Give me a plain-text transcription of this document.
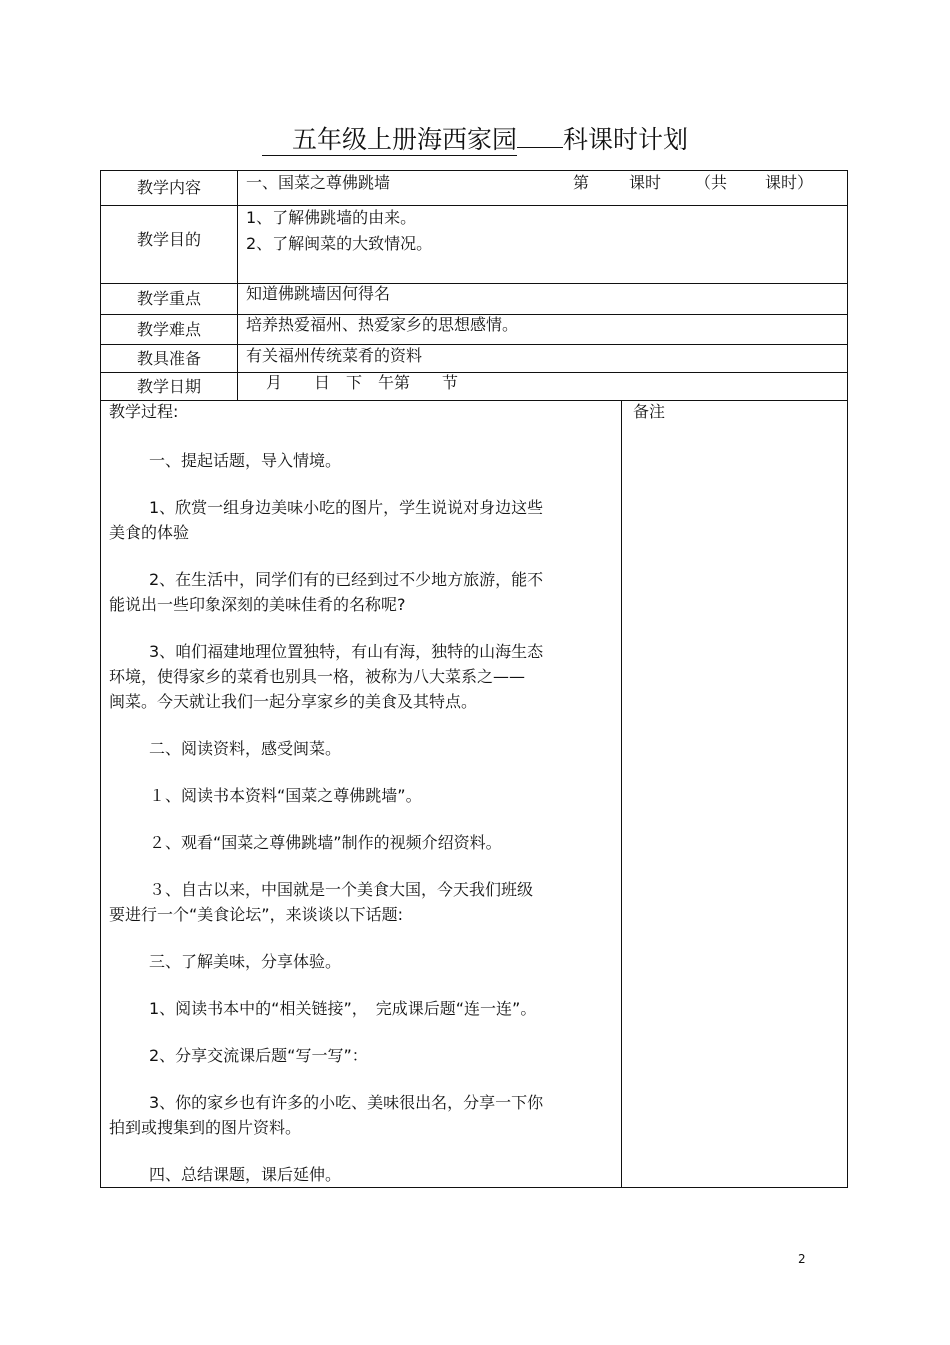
五年级上册海西家园 科课时计划
教学内容	一、国菜之尊佛跳墙	第 课时 （共 课时）
教学目的
1、了解佛跳墙的由来。
2、了解闽菜的大致情况。
教学重点	知道佛跳墙因何得名
教学难点	培养热爱福州、热爱家乡的思想感情。
教具准备	有关福州传统菜肴的资料
教学日期	月　　日　下　午第　　节
教学过程:	备注

一、提起话题，导入情境。

1、欣赏一组身边美味小吃的图片，学生说说对身边这些

美食的体验

2、在生活中，同学们有的已经到过不少地方旅游，能不

能说出一些印象深刻的美味佳肴的名称呢?

3、咱们福建地理位置独特，有山有海，独特的山海生态

环境，使得家乡的菜肴也别具一格，被称为八大菜系之——

闽菜。今天就让我们一起分享家乡的美食及其特点。

二、阅读资料，感受闽菜。

１、阅读书本资料“国菜之尊佛跳墙”。

２、观看“国菜之尊佛跳墙”制作的视频介绍资料。

３、自古以来，中国就是一个美食大国，今天我们班级

要进行一个“美食论坛”，来谈谈以下话题:

三、了解美味，分享体验。

1、阅读书本中的“相关链接”，　完成课后题“连一连”。

2、分享交流课后题“写一写”：

3、你的家乡也有许多的小吃、美味很出名，分享一下你

拍到或搜集到的图片资料。

四、总结课题，课后延伸。

2
